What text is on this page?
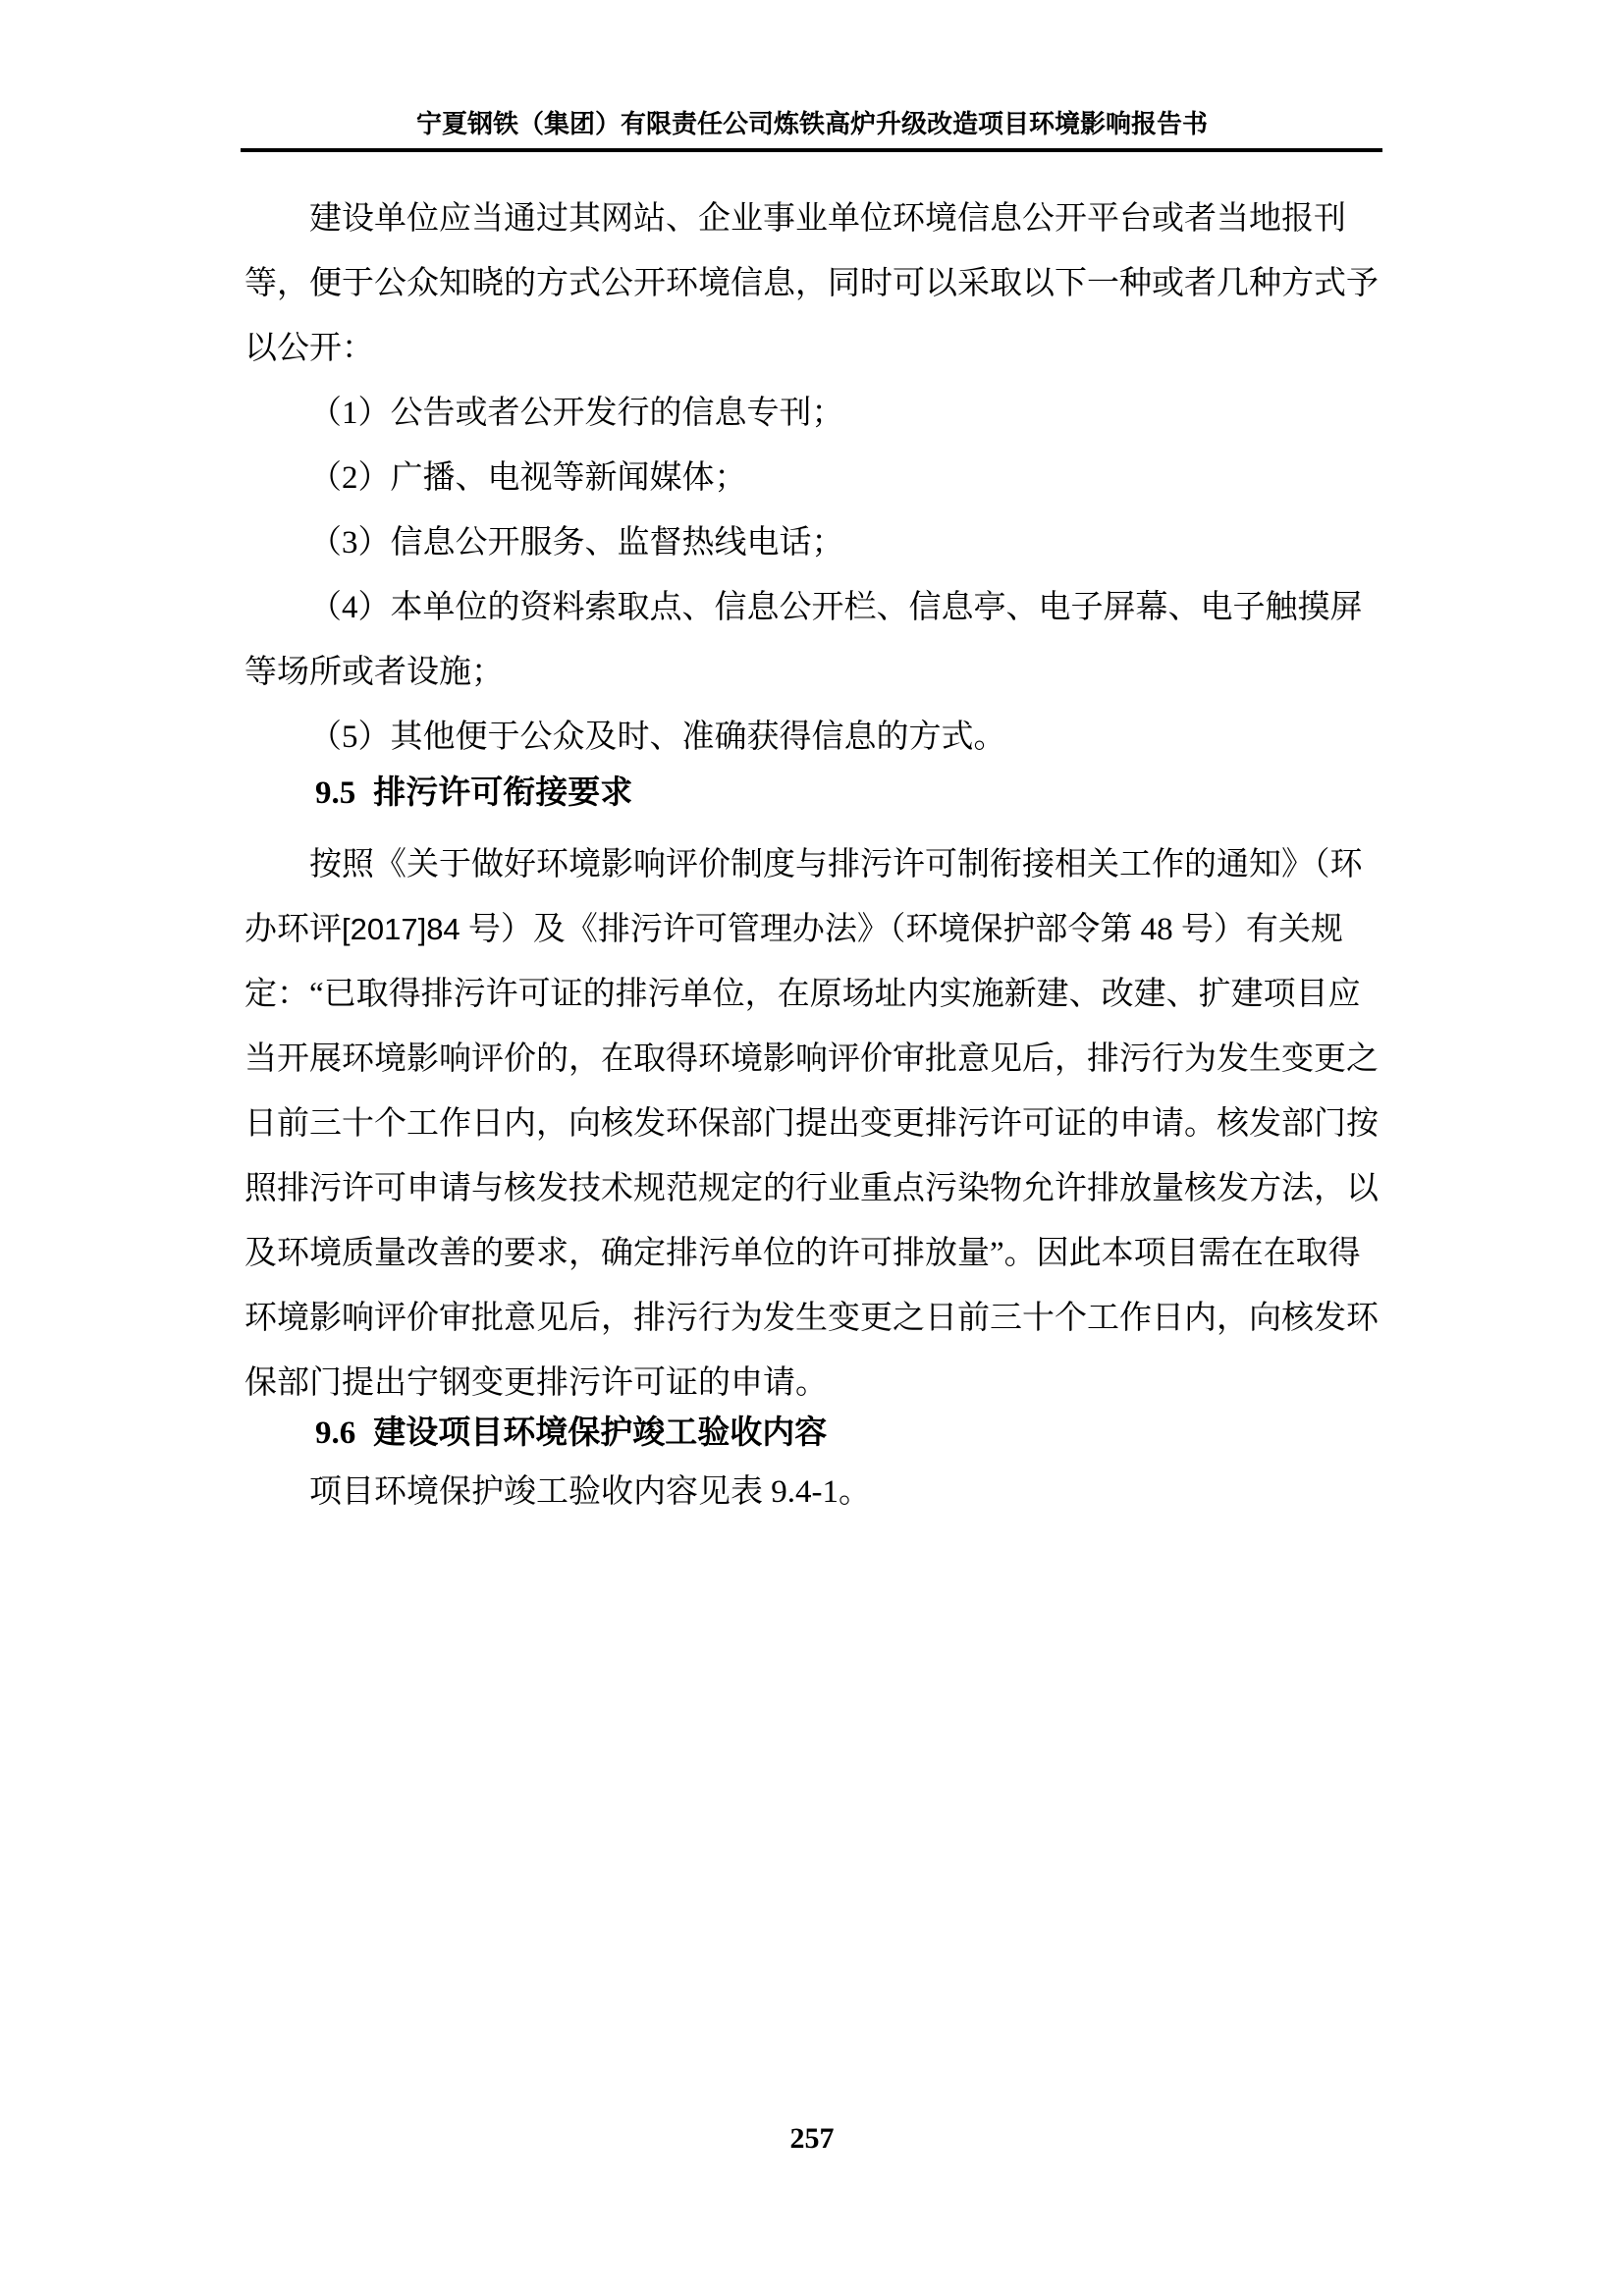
宁夏钢铁（集团）有限责任公司炼铁高炉升级改造项目环境影响报告书

建设单位应当通过其网站、企业事业单位环境信息公开平台或者当地报刊
等，便于公众知晓的方式公开环境信息，同时可以采取以下一种或者几种方式予
以公开：

（1）公告或者公开发行的信息专刊；

（2）广播、电视等新闻媒体；

（3）信息公开服务、监督热线电话；

（4）本单位的资料索取点、信息公开栏、信息亭、电子屏幕、电子触摸屏
等场所或者设施；

（5）其他便于公众及时、准确获得信息的方式。

9.5 排污许可衔接要求

按照《关于做好环境影响评价制度与排污许可制衔接相关工作的通知》（环
办环评[2017]84 号）及《排污许可管理办法》（环境保护部令第 48 号）有关规
定：“已取得排污许可证的排污单位，在原场址内实施新建、改建、扩建项目应
当开展环境影响评价的，在取得环境影响评价审批意见后，排污行为发生变更之
日前三十个工作日内，向核发环保部门提出变更排污许可证的申请。核发部门按
照排污许可申请与核发技术规范规定的行业重点污染物允许排放量核发方法，以
及环境质量改善的要求，确定排污单位的许可排放量”。因此本项目需在在取得
环境影响评价审批意见后，排污行为发生变更之日前三十个工作日内，向核发环
保部门提出宁钢变更排污许可证的申请。

9.6 建设项目环境保护竣工验收内容

项目环境保护竣工验收内容见表 9.4-1。

257
